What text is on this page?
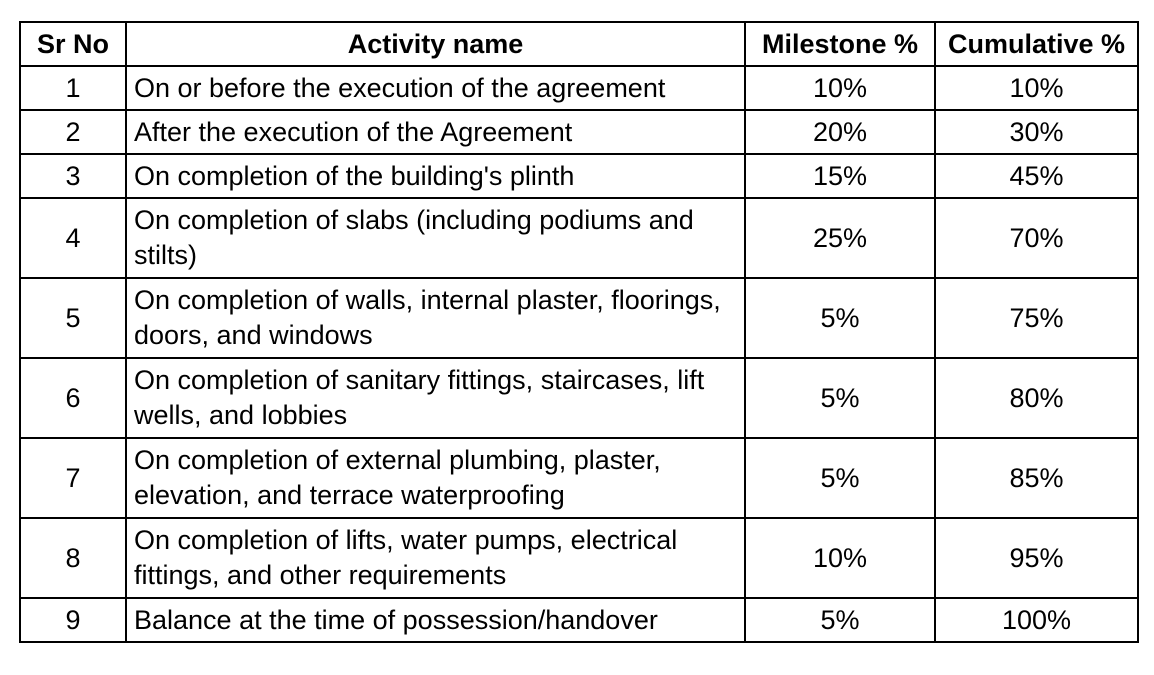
Sr No	Activity name	Milestone %	Cumulative %
1	On or before the execution of the agreement	10%	10%
2	After the execution of the Agreement	20%	30%
3	On completion of the building's plinth	15%	45%
4	On completion of slabs (including podiums and stilts)	25%	70%
5	On completion of walls, internal plaster, floorings, doors, and windows	5%	75%
6	On completion of sanitary fittings, staircases, lift wells, and lobbies	5%	80%
7	On completion of external plumbing, plaster, elevation, and terrace waterproofing	5%	85%
8	On completion of lifts, water pumps, electrical fittings, and other requirements	10%	95%
9	Balance at the time of possession/handover	5%	100%
